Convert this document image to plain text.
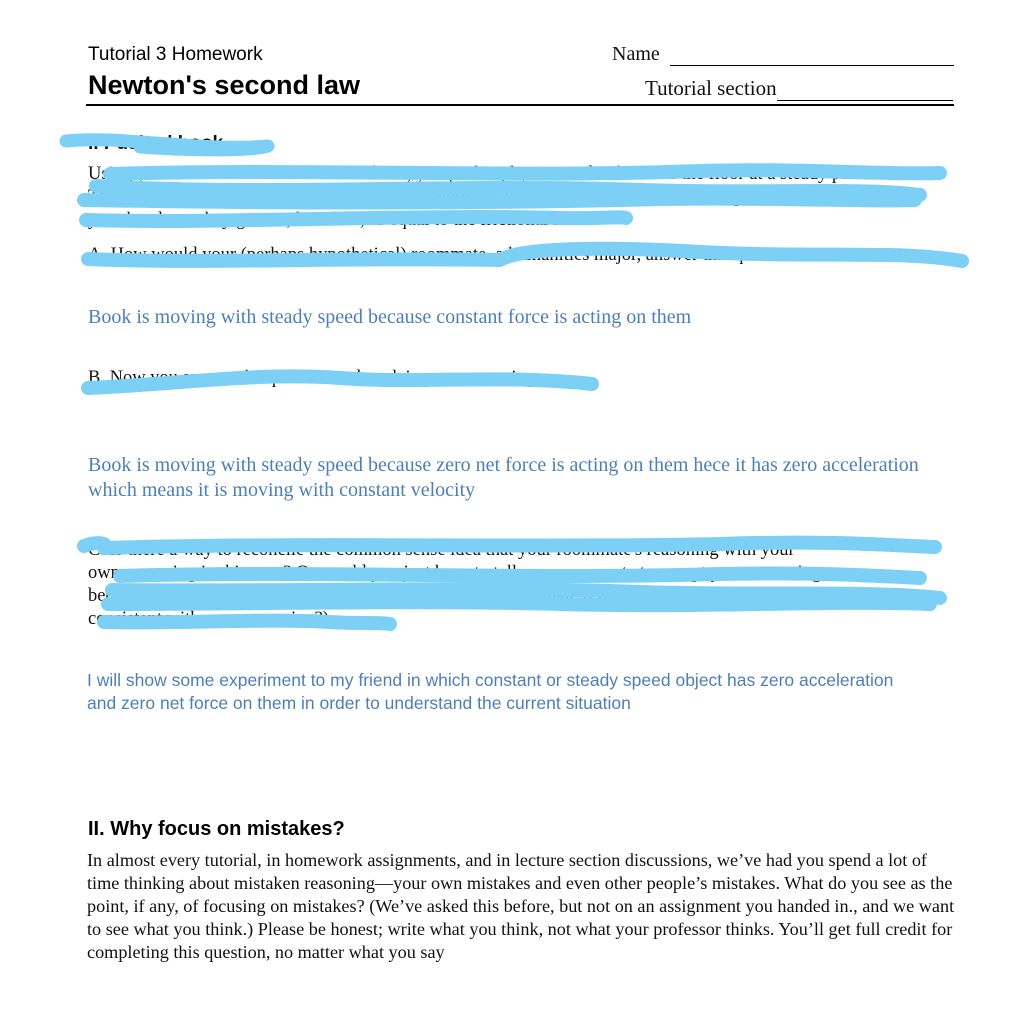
Tutorial 3 Homework
Newton's second law
Name
Tutorial section
I. Pushed book
Using your hand to exert a horizontal force, you push a physics textbook across the floor at a steady pace.
The frictional force exerted by the floor on the book is opposite to the direction of the "push" force exerted by
your hand; are they greater, less than, or equal to the frictional force?
A. How would your (perhaps hypothetical) roommate, a humanities major, answer this question?
Book is moving with steady speed because constant force is acting on them
B. Now you answer the question and explain your reasoning.
Book is moving with steady speed because zero net force is acting on them hece it has zero acceleration which means it is moving with constant velocity
C. Is there a way to reconcile the common sense idea that your roommate's reasoning with your
own reasoning in this case? Or would you just have to tell your roommate to accept your reasoning
because experiments support it? (Hint: How could your roommate refine his intuition to be
consistent with your reasoning?)
I will show some experiment to my friend in which constant or steady speed object has zero acceleration and zero net force on them in order to understand the current situation
II. Why focus on mistakes?
In almost every tutorial, in homework assignments, and in lecture section discussions, we’ve had you spend a lot of time thinking about mistaken reasoning—your own mistakes and even other people’s mistakes. What do you see as the point, if any, of focusing on mistakes? (We’ve asked this before, but not on an assignment you handed in., and we want to see what you think.) Please be honest; write what you think, not what your professor thinks. You’ll get full credit for completing this question, no matter what you say
